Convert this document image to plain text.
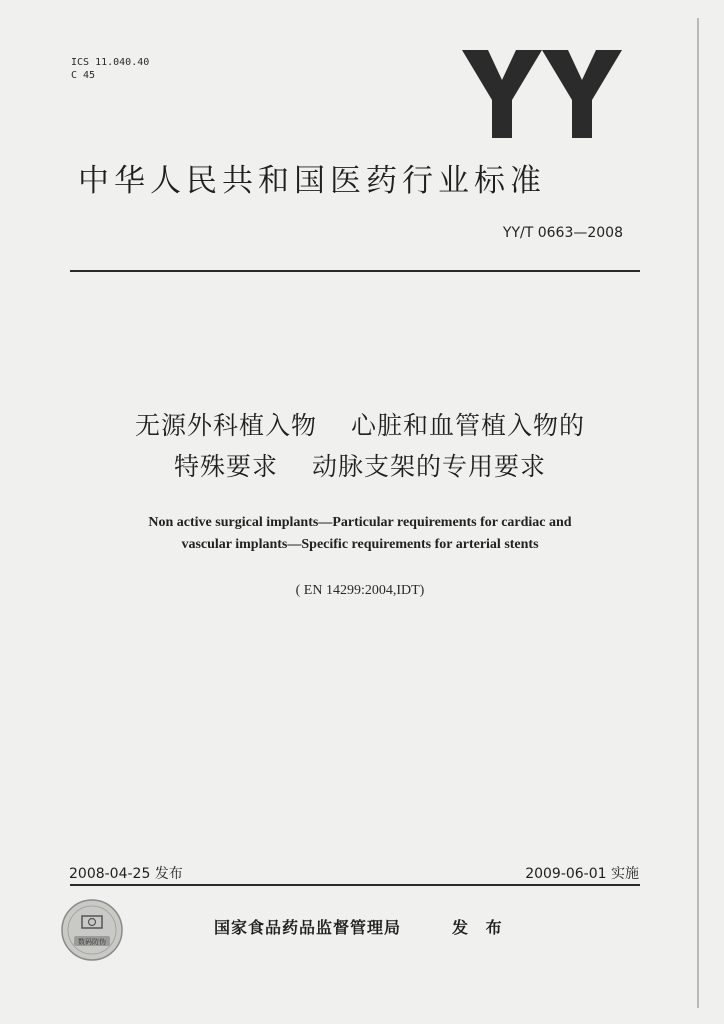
ICS 11.040.40
C 45
中华人民共和国医药行业标准
YY/T 0663—2008
无源外科植入物 心脏和血管植入物的
特殊要求 动脉支架的专用要求
Non active surgical implants—Particular requirements for cardiac and
vascular implants—Specific requirements for arterial stents
( EN 14299:2004,IDT)
2008-04-25 发布	2009-06-01 实施
数码防伪
国家食品药品监督管理局	发 布
